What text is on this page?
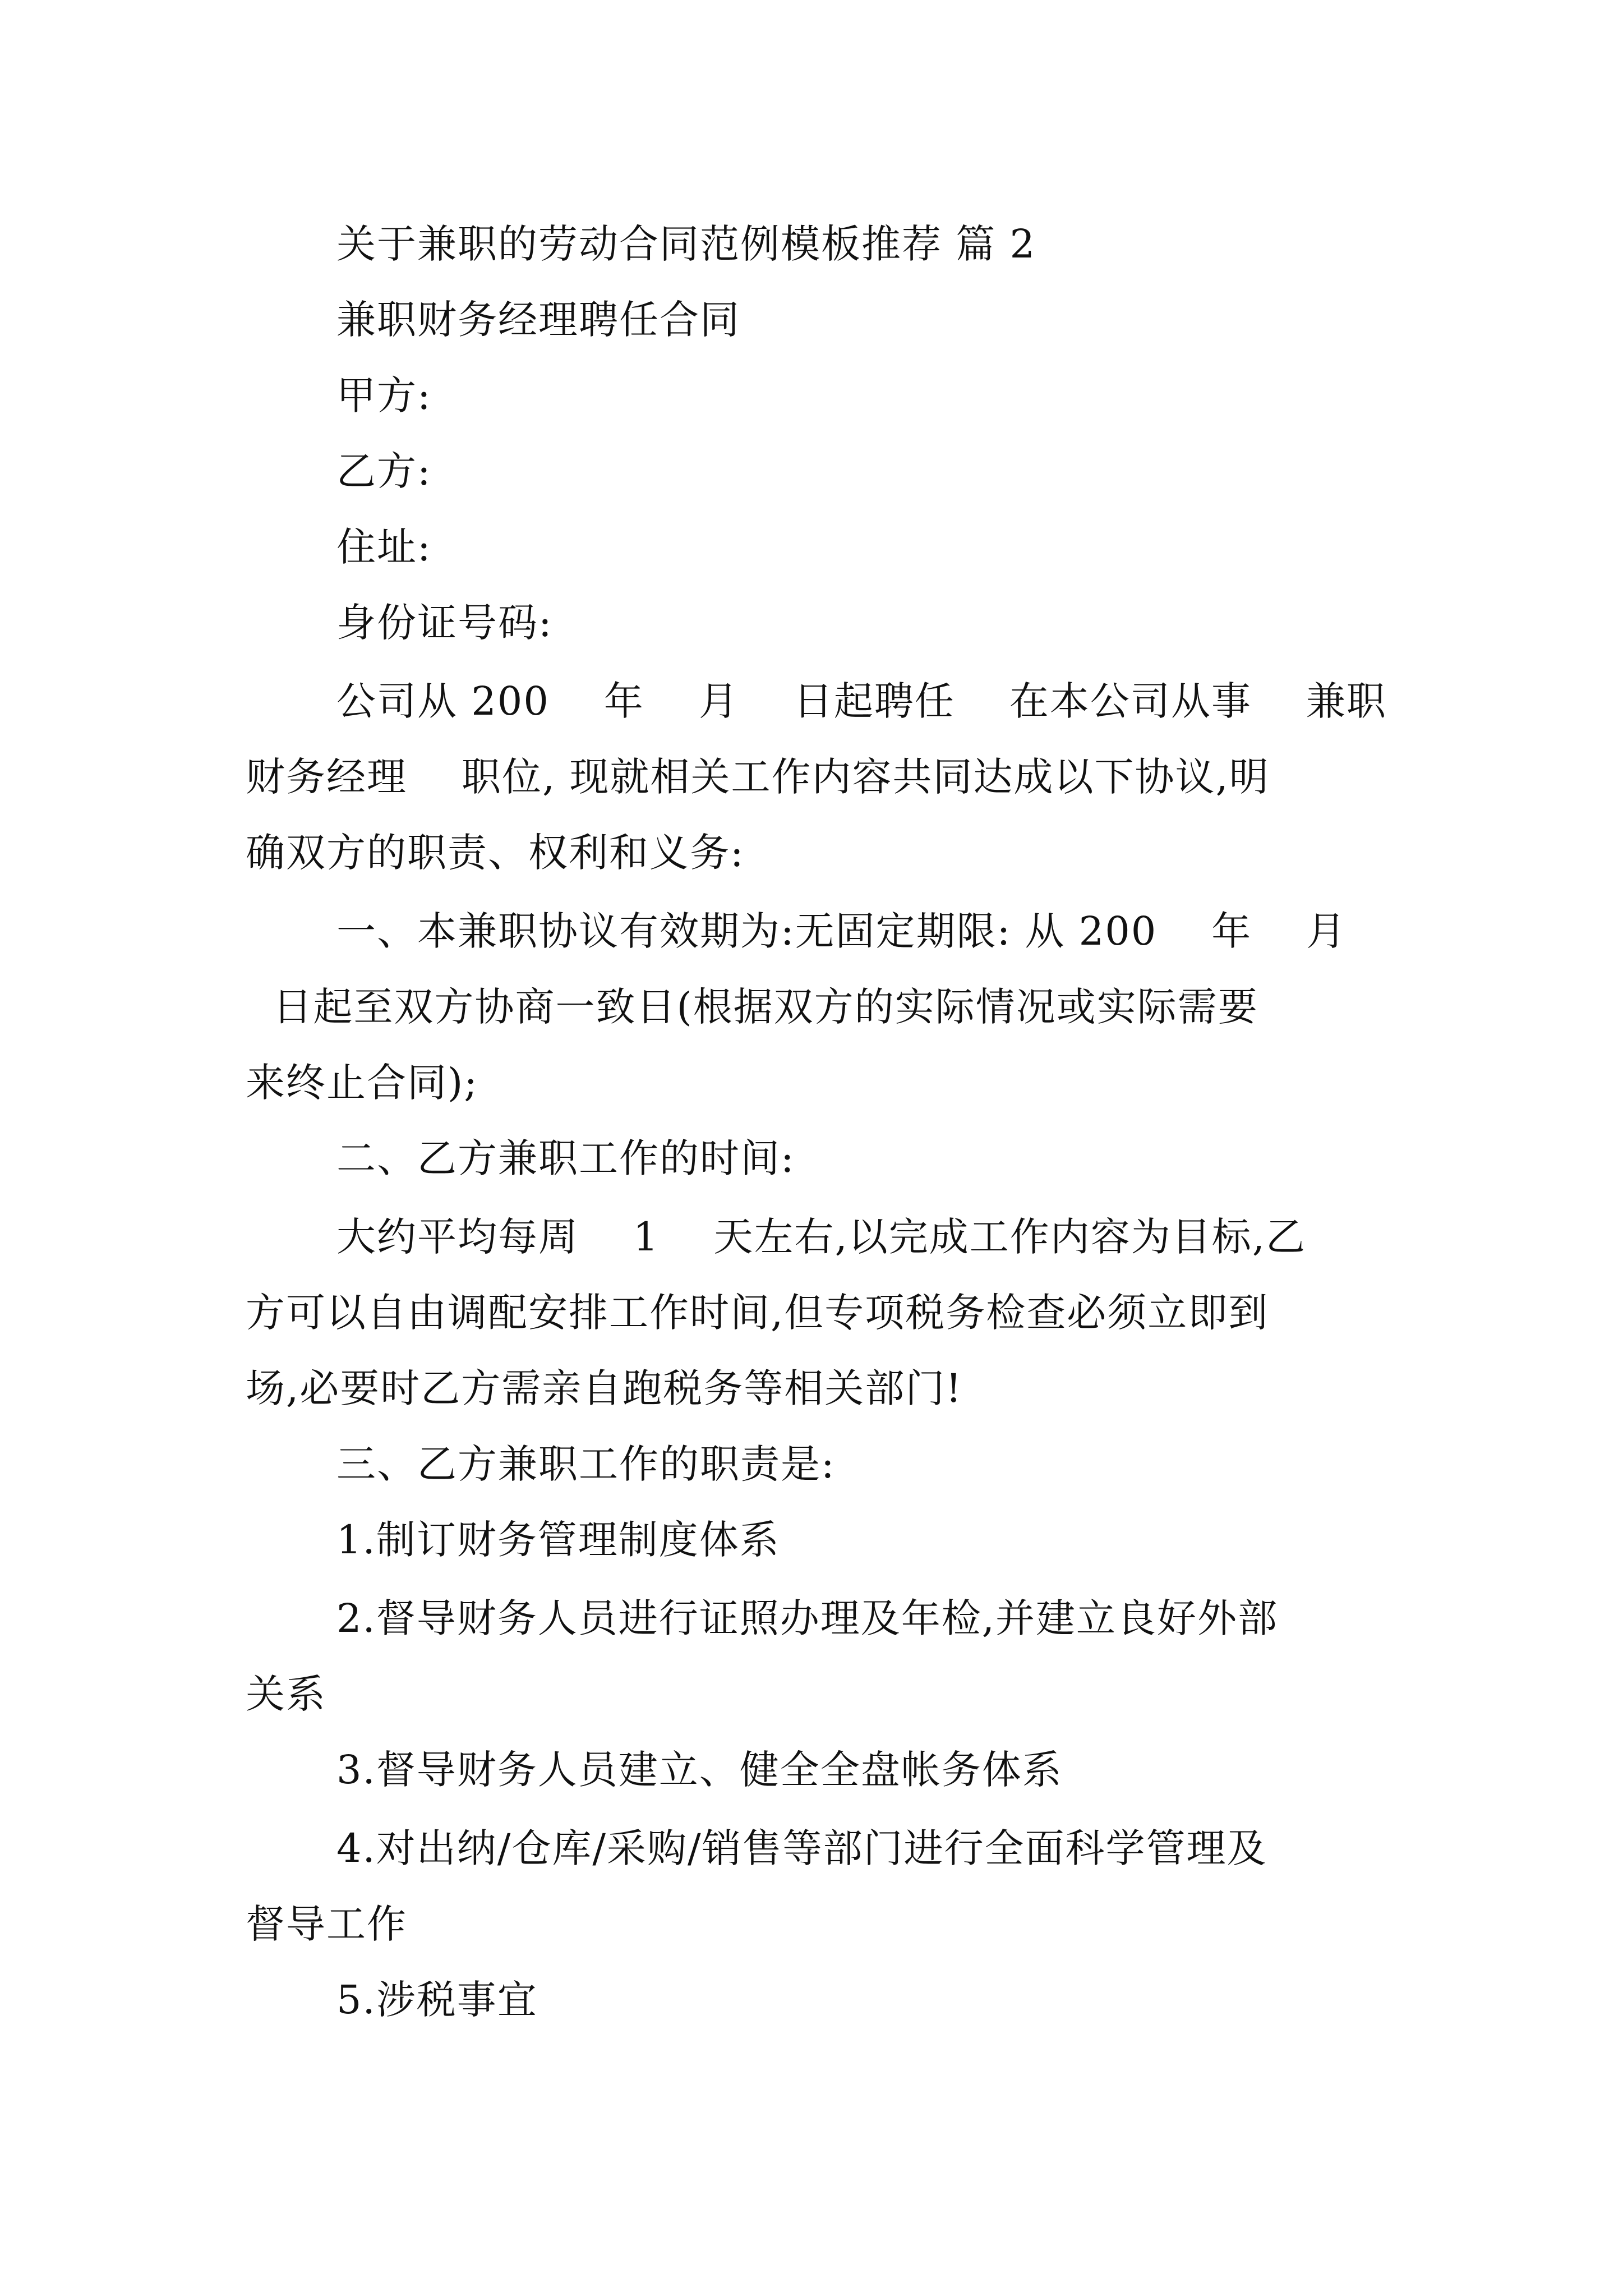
关于兼职的劳动合同范例模板推荐 篇 2
兼职财务经理聘任合同
甲方:
乙方:
住址:
身份证号码:
公司从 200    年    月    日起聘任    在本公司从事    兼职
财务经理    职位, 现就相关工作内容共同达成以下协议,明
确双方的职责、权利和义务:
一、本兼职协议有效期为:无固定期限: 从 200    年    月
日起至双方协商一致日(根据双方的实际情况或实际需要
来终止合同);
二、乙方兼职工作的时间:
大约平均每周    1    天左右,以完成工作内容为目标,乙
方可以自由调配安排工作时间,但专项税务检查必须立即到
场,必要时乙方需亲自跑税务等相关部门!
三、乙方兼职工作的职责是:
1.制订财务管理制度体系
2.督导财务人员进行证照办理及年检,并建立良好外部
关系
3.督导财务人员建立、健全全盘帐务体系
4.对出纳/仓库/采购/销售等部门进行全面科学管理及
督导工作
5.涉税事宜
